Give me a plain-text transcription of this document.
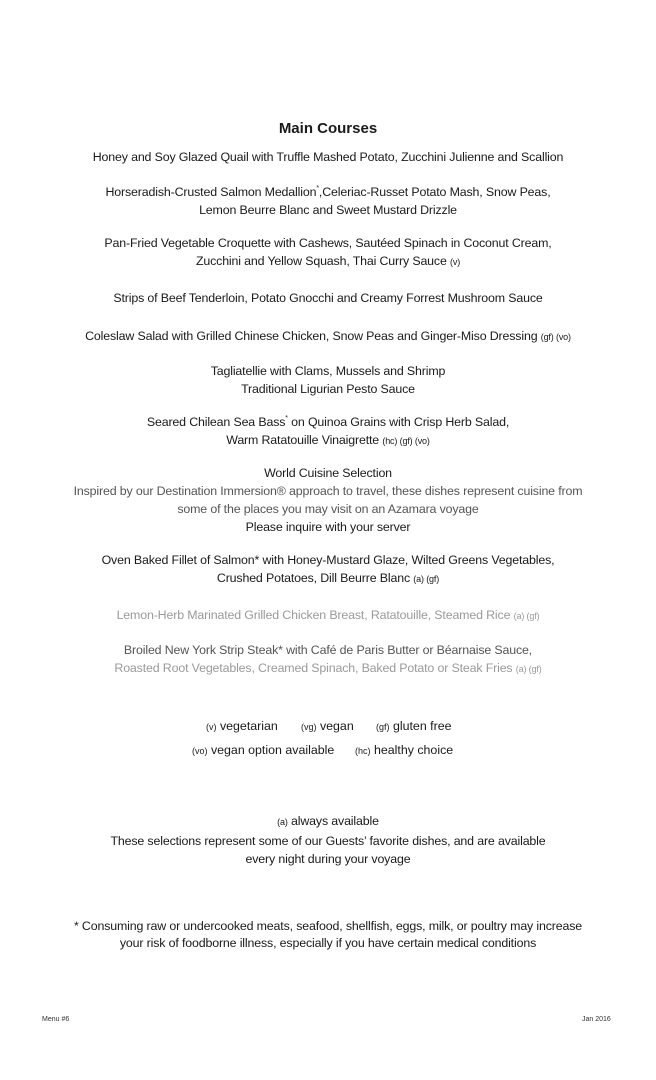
Main Courses
Honey and Soy Glazed Quail with Truffle Mashed Potato, Zucchini Julienne and Scallion
Horseradish-Crusted Salmon Medallion*,Celeriac-Russet Potato Mash, Snow Peas,
Lemon Beurre Blanc and Sweet Mustard Drizzle
Pan-Fried Vegetable Croquette with Cashews, Sautéed Spinach in Coconut Cream,
Zucchini and Yellow Squash, Thai Curry Sauce (v)
Strips of Beef Tenderloin, Potato Gnocchi and Creamy Forrest Mushroom Sauce
Coleslaw Salad with Grilled Chinese Chicken, Snow Peas and Ginger-Miso Dressing (gf) (vo)
Tagliatellie with Clams, Mussels and Shrimp
Traditional Ligurian Pesto Sauce
Seared Chilean Sea Bass* on Quinoa Grains with Crisp Herb Salad,
Warm Ratatouille Vinaigrette (hc) (gf) (vo)
World Cuisine Selection
Inspired by our Destination Immersion® approach to travel, these dishes represent cuisine from
some of the places you may visit on an Azamara voyage
Please inquire with your server
Oven Baked Fillet of Salmon* with Honey-Mustard Glaze, Wilted Greens Vegetables,
Crushed Potatoes, Dill Beurre Blanc (a) (gf)
Lemon-Herb Marinated Grilled Chicken Breast, Ratatouille, Steamed Rice (a) (gf)
Broiled New York Strip Steak* with Café de Paris Butter or Béarnaise Sauce,
Roasted Root Vegetables, Creamed Spinach, Baked Potato or Steak Fries (a) (gf)
(v) vegetarian	(vg) vegan (gf) gluten free
(vo) vegan option available (hc) healthy choice
(a) always available
These selections represent some of our Guests’ favorite dishes, and are available
every night during your voyage
* Consuming raw or undercooked meats, seafood, shellfish, eggs, milk, or poultry may increase
your risk of foodborne illness, especially if you have certain medical conditions
Menu #6	Jan 2016
